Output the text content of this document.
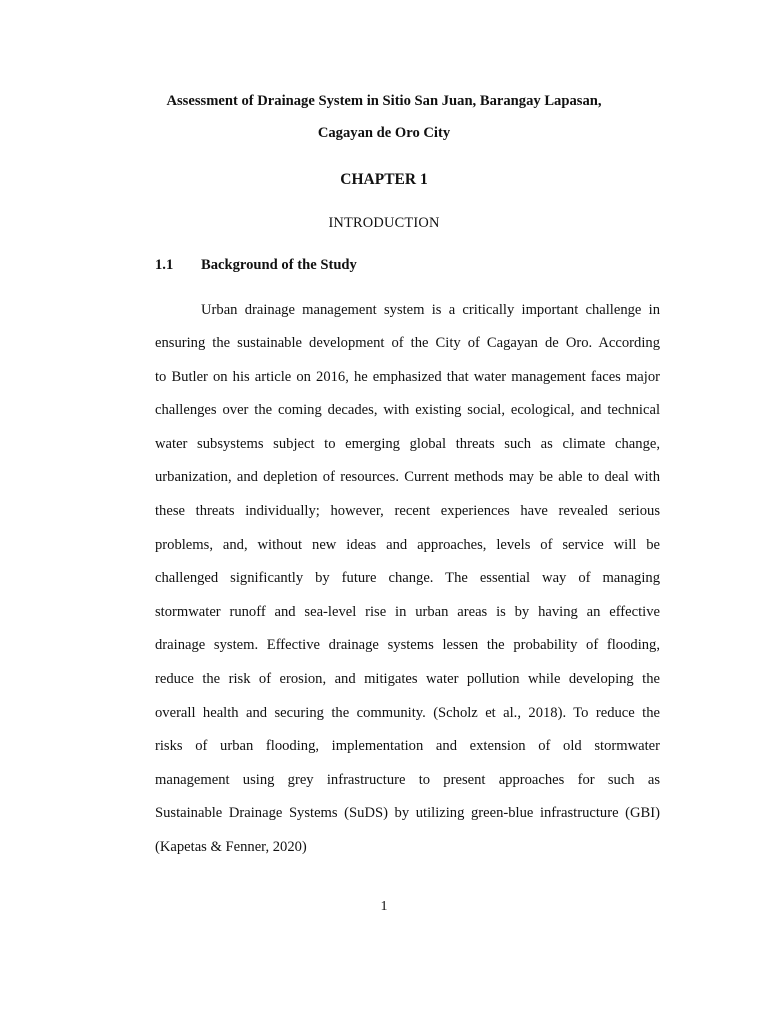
Assessment of Drainage System in Sitio San Juan, Barangay Lapasan,
Cagayan de Oro City
CHAPTER 1
INTRODUCTION
1.1 Background of the Study
Urban drainage management system is a critically important challenge in
ensuring the sustainable development of the City of Cagayan de Oro. According
to Butler on his article on 2016, he emphasized that water management faces major
challenges over the coming decades, with existing social, ecological, and technical
water subsystems subject to emerging global threats such as climate change,
urbanization, and depletion of resources. Current methods may be able to deal with
these threats individually; however, recent experiences have revealed serious
problems, and, without new ideas and approaches, levels of service will be
challenged significantly by future change. The essential way of managing
stormwater runoff and sea-level rise in urban areas is by having an effective
drainage system. Effective drainage systems lessen the probability of flooding,
reduce the risk of erosion, and mitigates water pollution while developing the
overall health and securing the community. (Scholz et al., 2018). To reduce the
risks of urban flooding, implementation and extension of old stormwater
management using grey infrastructure to present approaches for such as
Sustainable Drainage Systems (SuDS) by utilizing green-blue infrastructure (GBI)
(Kapetas & Fenner, 2020)
1
